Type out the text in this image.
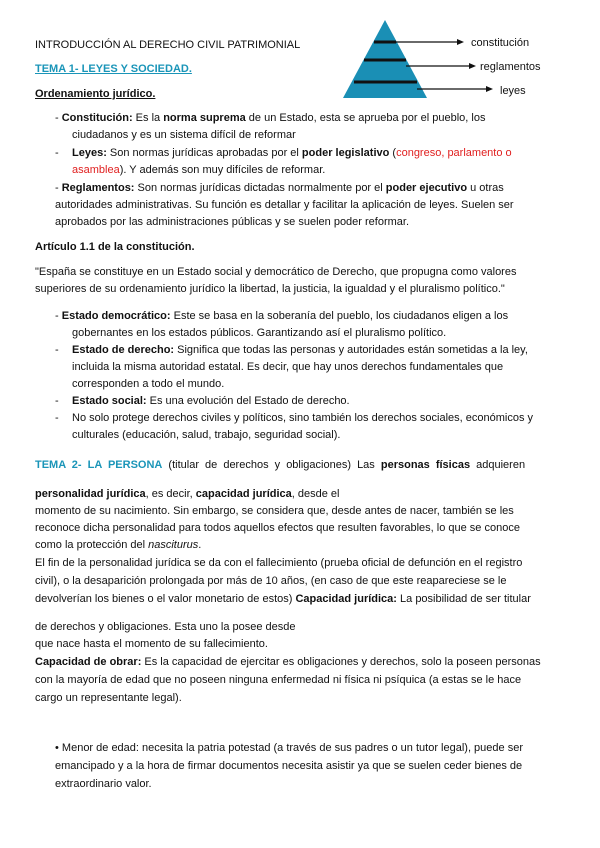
INTRODUCCIÓN AL DERECHO CIVIL PATRIMONIAL
TEMA 1- LEYES Y SOCIEDAD.
Ordenamiento jurídico.
constitución
reglamentos
leyes
- Constitución: Es la norma suprema de un Estado, esta se aprueba por el pueblo, los
ciudadanos y es un sistema difícil de reformar
- Leyes: Son normas jurídicas aprobadas por el poder legislativo (congreso, parlamento o
asamblea). Y además son muy difíciles de reformar.
- Reglamentos: Son normas jurídicas dictadas normalmente por el poder ejecutivo u otras
autoridades administrativas. Su función es detallar y facilitar la aplicación de leyes. Suelen ser
aprobados por las administraciones públicas y se suelen poder reformar.
Artículo 1.1 de la constitución.
"España se constituye en un Estado social y democrático de Derecho, que propugna como valores
superiores de su ordenamiento jurídico la libertad, la justicia, la igualdad y el pluralismo político."
- Estado democrático: Este se basa en la soberanía del pueblo, los ciudadanos eligen a los
gobernantes en los estados públicos. Garantizando así el pluralismo político.
- Estado de derecho: Significa que todas las personas y autoridades están sometidas a la ley,
incluida la misma autoridad estatal. Es decir, que hay unos derechos fundamentales que
corresponden a todo el mundo.
- Estado social: Es una evolución del Estado de derecho.
- No solo protege derechos civiles y políticos, sino también los derechos sociales, económicos y
culturales (educación, salud, trabajo, seguridad social).
TEMA 2- LA PERSONA (titular de derechos y obligaciones) Las personas físicas adquieren
personalidad jurídica, es decir, capacidad jurídica, desde el
momento de su nacimiento. Sin embargo, se considera que, desde antes de nacer, también se les
reconoce dicha personalidad para todos aquellos efectos que resulten favorables, lo que se conoce
como la protección del nasciturus.
El fin de la personalidad jurídica se da con el fallecimiento (prueba oficial de defunción en el registro
civil), o la desaparición prolongada por más de 10 años, (en caso de que este reapareciese se le
devolverían los bienes o el valor monetario de estos) Capacidad jurídica: La posibilidad de ser titular
de derechos y obligaciones. Esta uno la posee desde
que nace hasta el momento de su fallecimiento.
Capacidad de obrar: Es la capacidad de ejercitar es obligaciones y derechos, solo la poseen personas
con la mayoría de edad que no poseen ninguna enfermedad ni física ni psíquica (a estas se le hace
cargo un representante legal).
• Menor de edad: necesita la patria potestad (a través de sus padres o un tutor legal), puede ser
emancipado y a la hora de firmar documentos necesita asistir ya que se suelen ceder bienes de
extraordinario valor.
